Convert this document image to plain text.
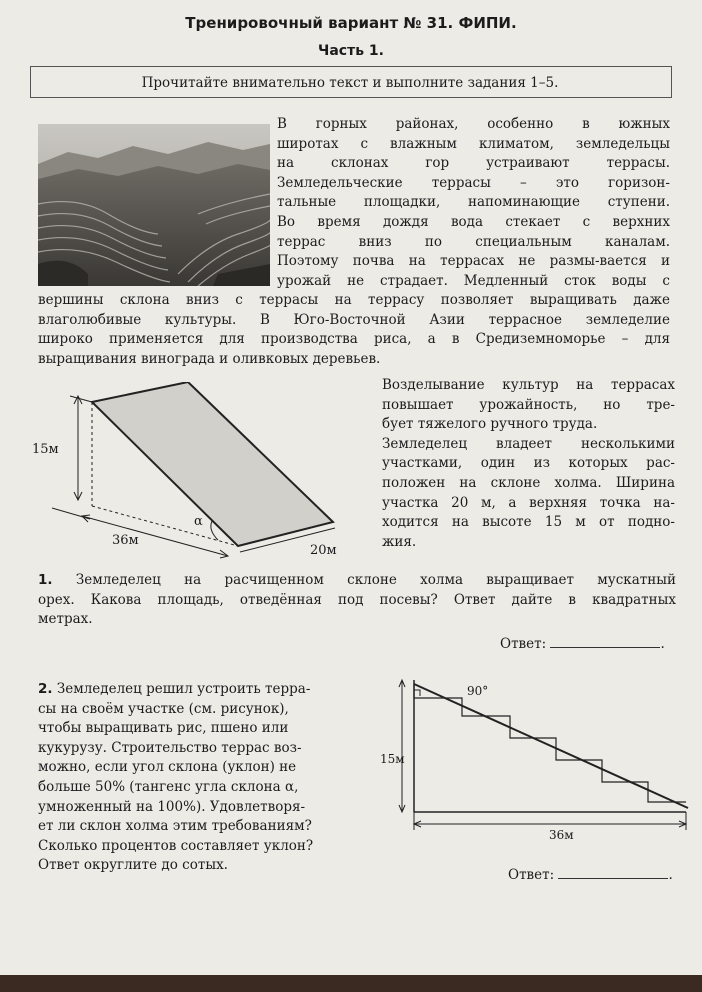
Тренировочный вариант № 31. ФИПИ.
Часть 1.
Прочитайте внимательно текст и выполните задания 1–5.
В горных районах, особенно в южных
широтах с влажным климатом, земледельцы
на склонах гор устраивают террасы.
Земледельческие террасы – это горизон-
тальные площадки, напоминающие ступени.
Во время дождя вода стекает с верхних
террас вниз по специальным каналам.
Поэтому почва на террасах не размы-вается и
урожай не страдает. Медленный сток воды с
вершины склона вниз с террасы на террасу позволяет выращивать даже
влаголюбивые культуры. В Юго-Восточной Азии террасное земледелие
широко применяется для производства риса, а в Средиземноморье – для
выращивания винограда и оливковых деревьев.
15м
36м
20м
α
Возделывание культур на террасах
повышает урожайность, но тре-
бует тяжелого ручного труда.
Земледелец владеет несколькими
участками, один из которых рас-
положен на склоне холма. Ширина
участка 20 м, а верхняя точка на-
ходится на высоте 15 м от подно-
жия.
1. Земледелец на расчищенном склоне холма выращивает мускатный
орех. Какова площадь, отведённая под посевы? Ответ дайте в квадратных
метрах.
Ответ:	.
2. Земледелец решил устроить терра-
сы на своём участке (см. рисунок),
чтобы выращивать рис, пшено или
кукурузу. Строительство террас воз-
можно, если угол склона (уклон) не
больше 50% (тангенс угла склона α,
умноженный на 100%). Удовлетворя-
ет ли склон холма этим требованиям?
Сколько процентов составляет уклон?
Ответ округлите до сотых.
Ответ:	.
90°
15м
36м
